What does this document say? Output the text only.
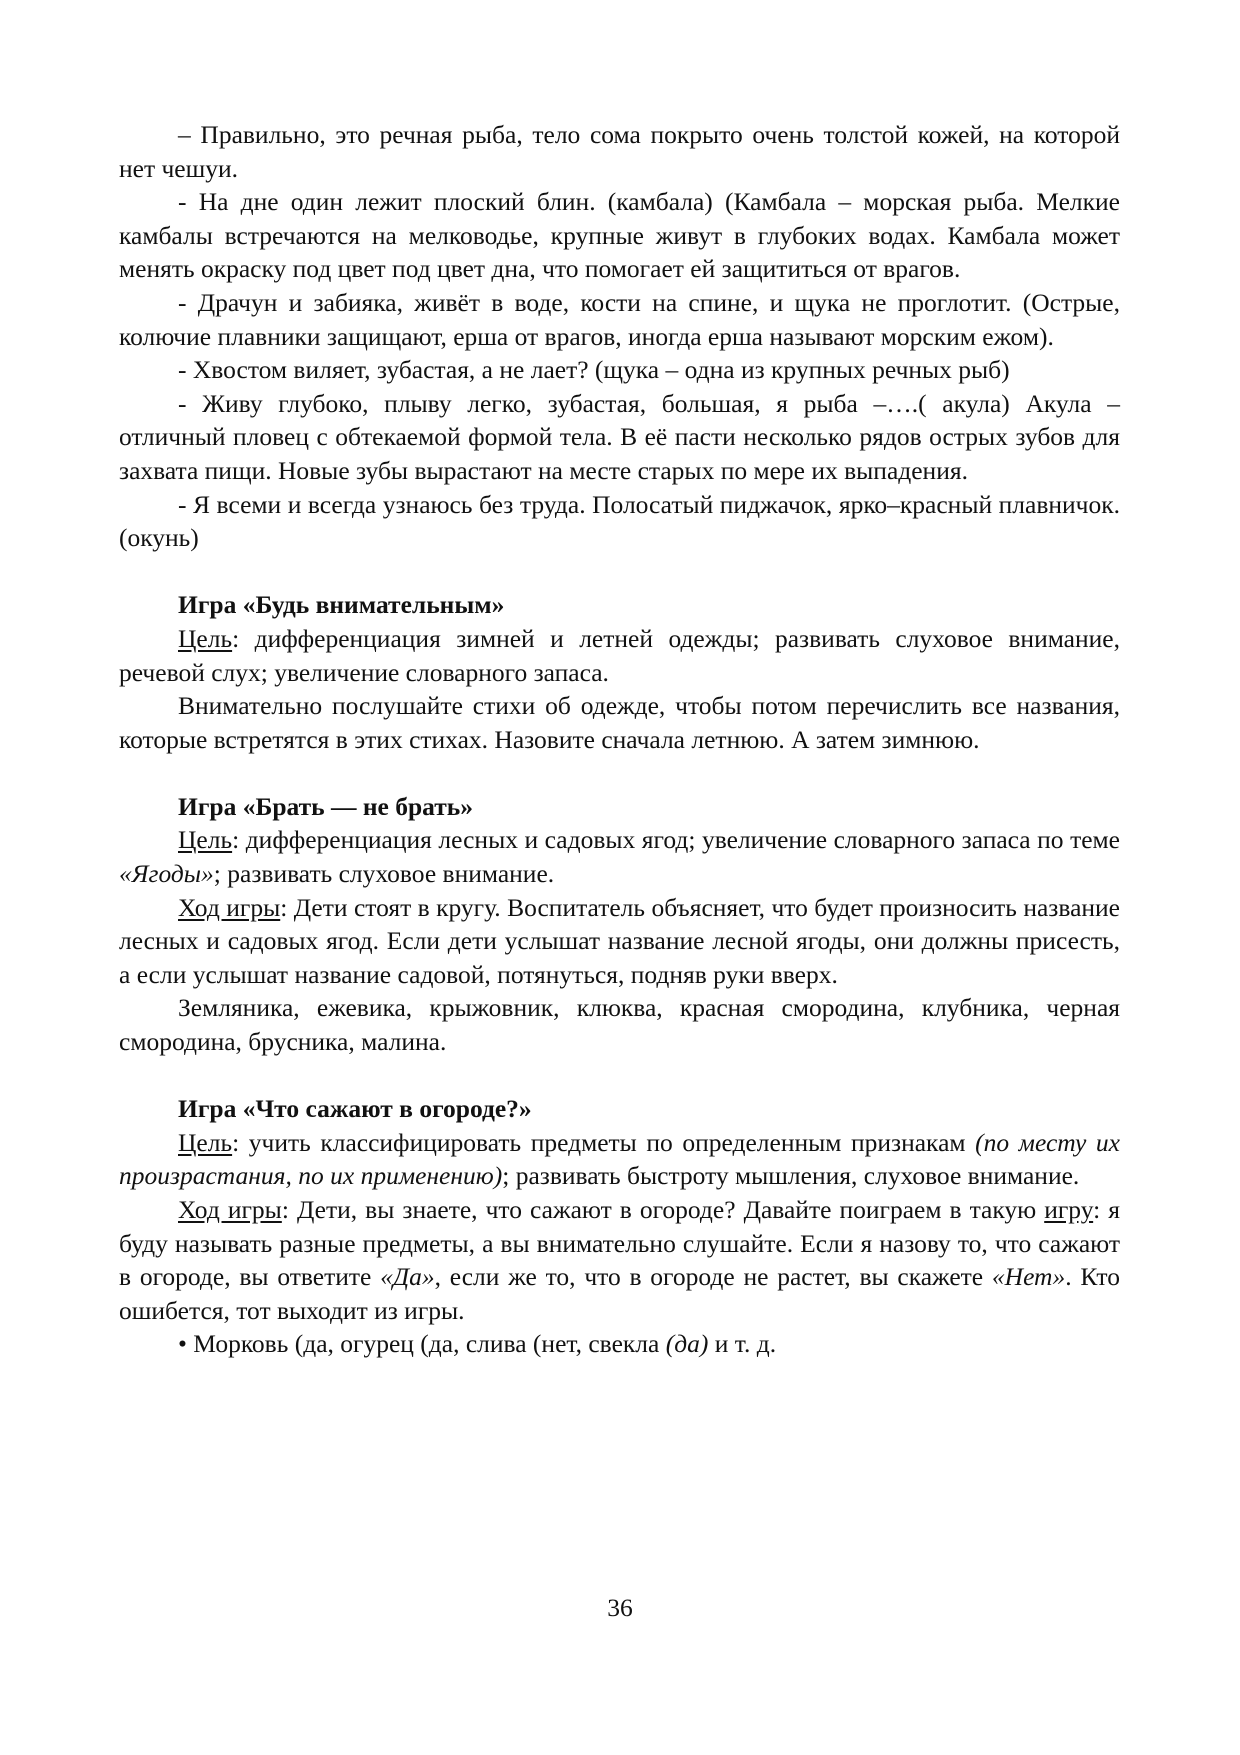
– Правильно, это речная рыба, тело сома покрыто очень толстой кожей, на которой нет чешуи.

- На дне один лежит плоский блин. (камбала) (Камбала – морская рыба. Мелкие камбалы встречаются на мелководье, крупные живут в глубоких водах. Камбала может менять окраску под цвет под цвет дна, что помогает ей защититься от врагов.

- Драчун и забияка, живёт в воде, кости на спине, и щука не проглотит. (Острые, колючие плавники защищают, ерша от врагов, иногда ерша называют морским ежом).

- Хвостом виляет, зубастая, а не лает? (щука – одна из крупных речных рыб)

- Живу глубоко, плыву легко, зубастая, большая, я рыба –….( акула) Акула – отличный пловец с обтекаемой формой тела. В её пасти несколько рядов острых зубов для захвата пищи. Новые зубы вырастают на месте старых по мере их выпадения.

- Я всеми и всегда узнаюсь без труда. Полосатый пиджачок, ярко–красный плавничок. (окунь)

Игра «Будь внимательным»

Цель: дифференциация зимней и летней одежды; развивать слуховое внимание, речевой слух; увеличение словарного запаса.

Внимательно послушайте стихи об одежде, чтобы потом перечислить все названия, которые встретятся в этих стихах. Назовите сначала летнюю. А затем зимнюю.

Игра «Брать — не брать»

Цель: дифференциация лесных и садовых ягод; увеличение словарного запаса по теме «Ягоды»; развивать слуховое внимание.

Ход игры: Дети стоят в кругу. Воспитатель объясняет, что будет произносить название лесных и садовых ягод. Если дети услышат название лесной ягоды, они должны присесть, а если услышат название садовой, потянуться, подняв руки вверх.

Земляника, ежевика, крыжовник, клюква, красная смородина, клубника, черная смородина, брусника, малина.

Игра «Что сажают в огороде?»

Цель: учить классифицировать предметы по определенным признакам (по месту их произрастания, по их применению); развивать быстроту мышления, слуховое внимание.

Ход игры: Дети, вы знаете, что сажают в огороде? Давайте поиграем в такую игру: я буду называть разные предметы, а вы внимательно слушайте. Если я назову то, что сажают в огороде, вы ответите «Да», если же то, что в огороде не растет, вы скажете «Нет». Кто ошибется, тот выходит из игры.

• Морковь (да, огурец (да, слива (нет, свекла (да) и т. д.

36
